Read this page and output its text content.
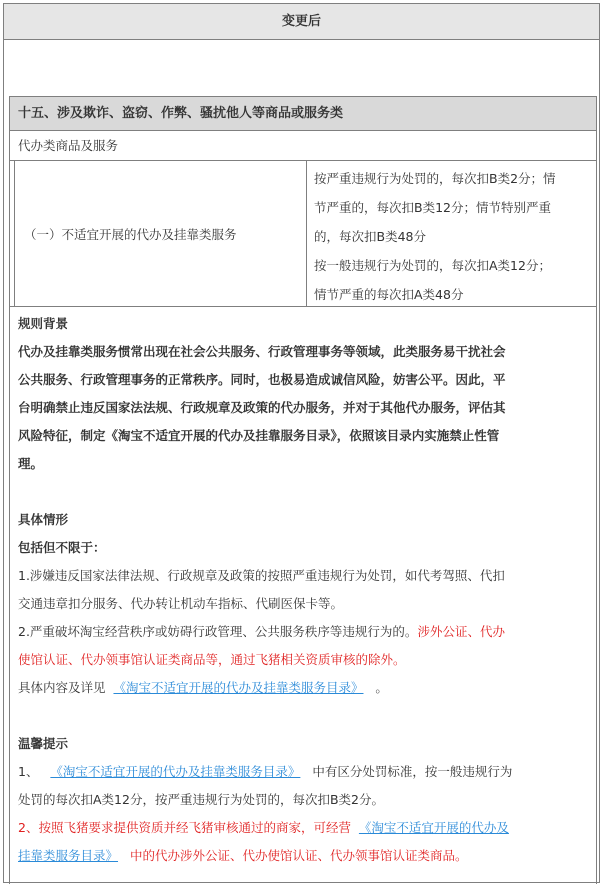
变更后
十五、涉及欺诈、盗窃、作弊、骚扰他人等商品或服务类
代办类商品及服务
（一）不适宜开展的代办及挂靠类服务

按严重违规行为处罚的，每次扣B类2分；情

节严重的，每次扣B类12分；情节特别严重

的，每次扣B类48分

按一般违规行为处罚的，每次扣A类12分；

情节严重的每次扣A类48分

规则背景

代办及挂靠类服务惯常出现在社会公共服务、行政管理事务等领域，此类服务易干扰社会

公共服务、行政管理事务的正常秩序。同时，也极易造成诚信风险，妨害公平。因此，平

台明确禁止违反国家法法规、行政规章及政策的代办服务，并对于其他代办服务，评估其

风险特征，制定《淘宝不适宜开展的代办及挂靠服务目录》，依照该目录内实施禁止性管

理。

具体情形

包括但不限于：

1.涉嫌违反国家法律法规、行政规章及政策的按照严重违规行为处罚，如代考驾照、代扣

交通违章扣分服务、代办转让机动车指标、代刷医保卡等。

2.严重破坏淘宝经营秩序或妨碍行政管理、公共服务秩序等违规行为的。涉外公证、代办

使馆认证、代办领事馆认证类商品等，通过飞猪相关资质审核的除外。

具体内容及详见 《淘宝不适宜开展的代办及挂靠类服务目录》 。

温馨提示

1、 《淘宝不适宜开展的代办及挂靠类服务目录》 中有区分处罚标准，按一般违规行为

处罚的每次扣A类12分，按严重违规行为处罚的，每次扣B类2分。

2、按照飞猪要求提供资质并经飞猪审核通过的商家，可经营 《淘宝不适宜开展的代办及

挂靠类服务目录》 中的代办涉外公证、代办使馆认证、代办领事馆认证类商品。
